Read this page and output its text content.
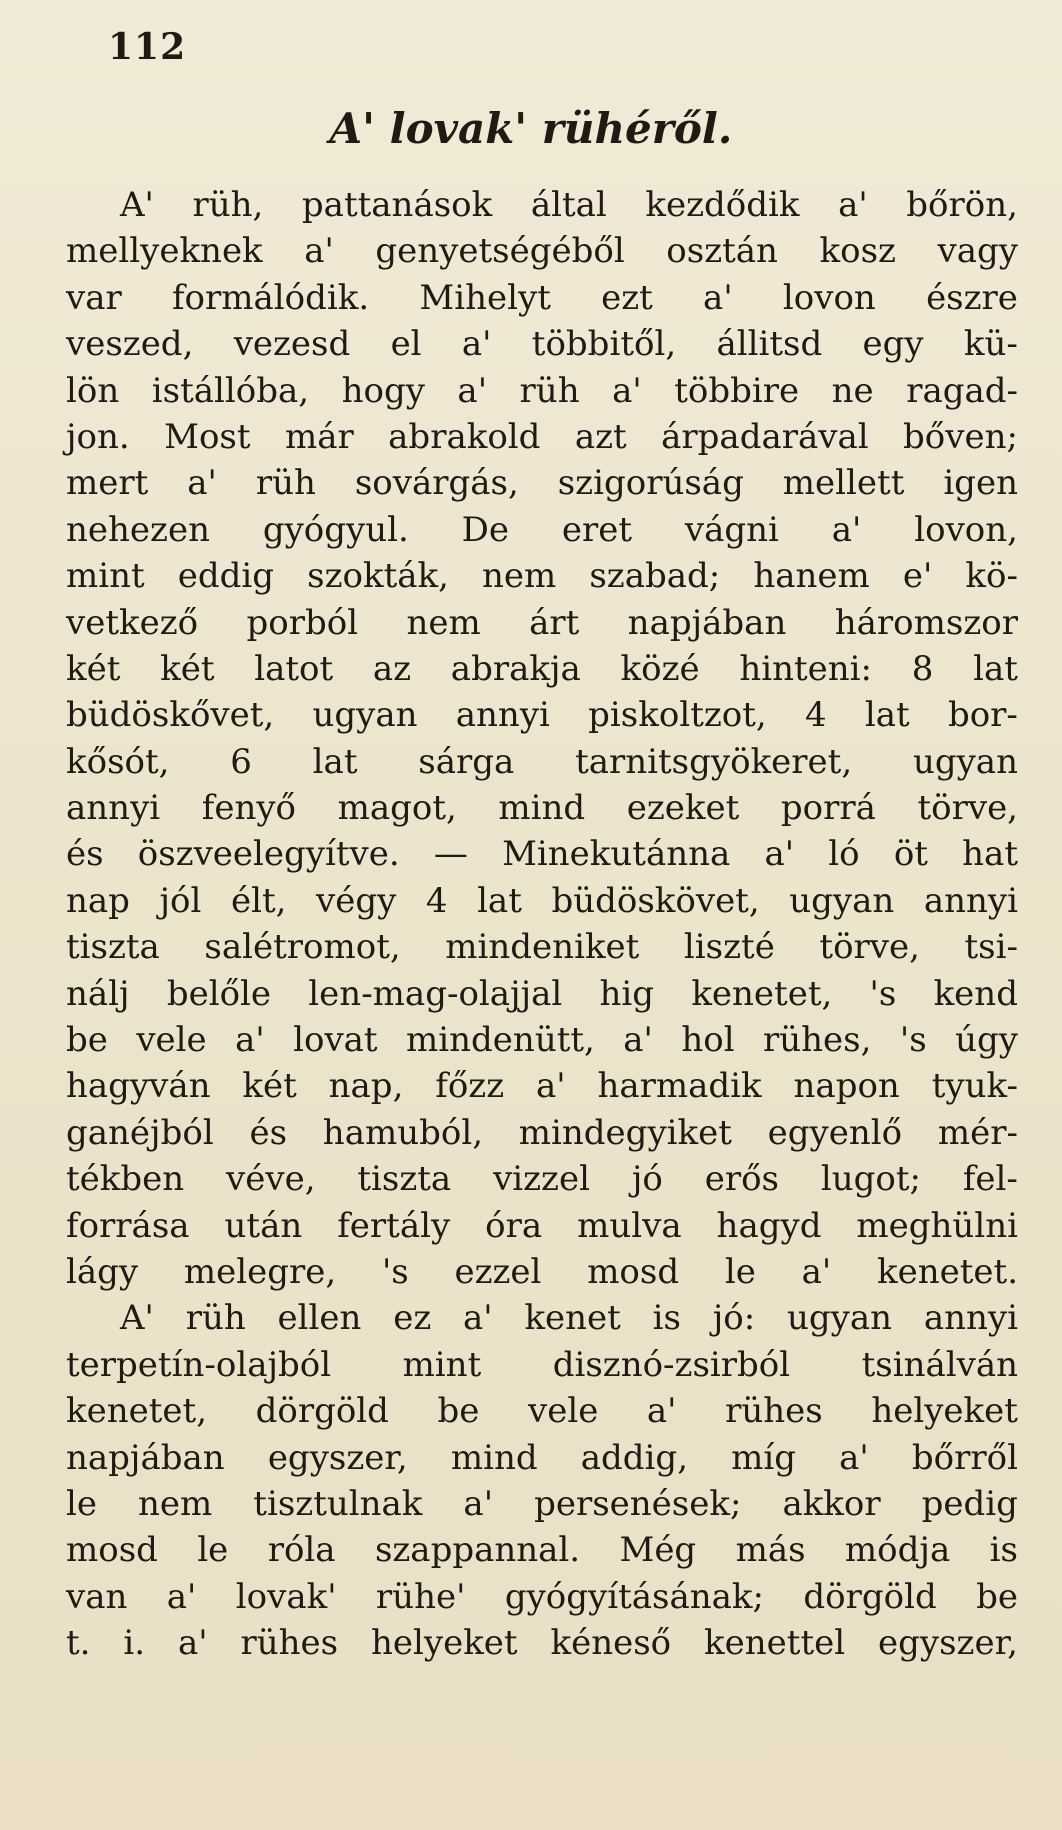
112
A' lovak' rühéről.
A' rüh, pattanások által kezdődik a' bőrön,
mellyeknek a' genyetségéből osztán kosz vagy
var formálódik. Mihelyt ezt a' lovon észre
veszed, vezesd el a' többitől, állitsd egy kü-
lön istállóba, hogy a' rüh a' többire ne ragad-
jon. Most már abrakold azt árpadarával bőven;
mert a' rüh sovárgás, szigorúság mellett igen
nehezen gyógyul. De eret vágni a' lovon,
mint eddig szokták, nem szabad; hanem e' kö-
vetkező porból nem árt napjában háromszor
két két latot az abrakja közé hinteni: 8 lat
büdöskővet, ugyan annyi piskoltzot, 4 lat bor-
kősót, 6 lat sárga tarnitsgyökeret, ugyan
annyi fenyő magot, mind ezeket porrá törve,
és öszveelegyítve. — Minekutánna a' ló öt hat
nap jól élt, végy 4 lat büdöskövet, ugyan annyi
tiszta salétromot, mindeniket liszté törve, tsi-
nálj belőle len-mag-olajjal hig kenetet, 's kend
be vele a' lovat mindenütt, a' hol rühes, 's úgy
hagyván két nap, főzz a' harmadik napon tyuk-
ganéjból és hamuból, mindegyiket egyenlő mér-
tékben véve, tiszta vizzel jó erős lugot; fel-
forrása után fertály óra mulva hagyd meghülni
lágy melegre, 's ezzel mosd le a' kenetet.
A' rüh ellen ez a' kenet is jó: ugyan annyi
terpetín-olajból mint disznó-zsirból tsinálván
kenetet, dörgöld be vele a' rühes helyeket
napjában egyszer, mind addig, míg a' bőrről
le nem tisztulnak a' persenések; akkor pedig
mosd le róla szappannal. Még más módja is
van a' lovak' rühe' gyógyításának; dörgöld be
t. i. a' rühes helyeket kéneső kenettel egyszer,
